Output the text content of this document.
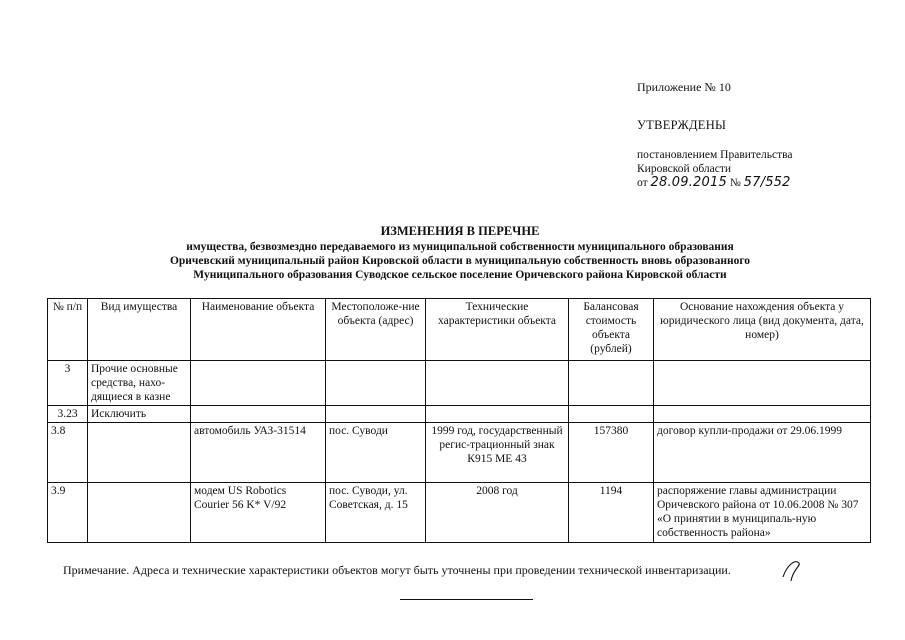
Приложение № 10
УТВЕРЖДЕНЫ
постановлением Правительства
Кировской области
от 28.09.2015 № 57/552
ИЗМЕНЕНИЯ В ПЕРЕЧНЕ
имущества, безвозмездно передаваемого из муниципальной собственности муниципального образования
Оричевский муниципальный район Кировской области в муниципальную собственность вновь образованного
Муниципального образования Суводское сельское поселение Оричевского района Кировской области
№ п/п	Вид имущества	Наименование объекта	Местоположе-ние объекта (адрес)	Технические характеристики объекта	Балансовая стоимость объекта (рублей)	Основание нахождения объекта у юридического лица (вид документа, дата, номер)
3	Прочие основные средства, нахо-дящиеся в казне					
3.23	Исключить					
3.8		автомобиль УАЗ-31514	пос. Суводи	1999 год, государственный регис-трационный знак К915 МЕ 43	157380	договор купли-продажи от 29.06.1999
3.9		модем US Robotics Courier 56 K* V/92	пос. Суводи, ул. Советская, д. 15	2008 год	1194	распоряжение главы администрации Оричевского района от 10.06.2008 № 307 «О принятии в муниципаль-ную собственность района»
Примечание. Адреса и технические характеристики объектов могут быть уточнены при проведении технической инвентаризации.
